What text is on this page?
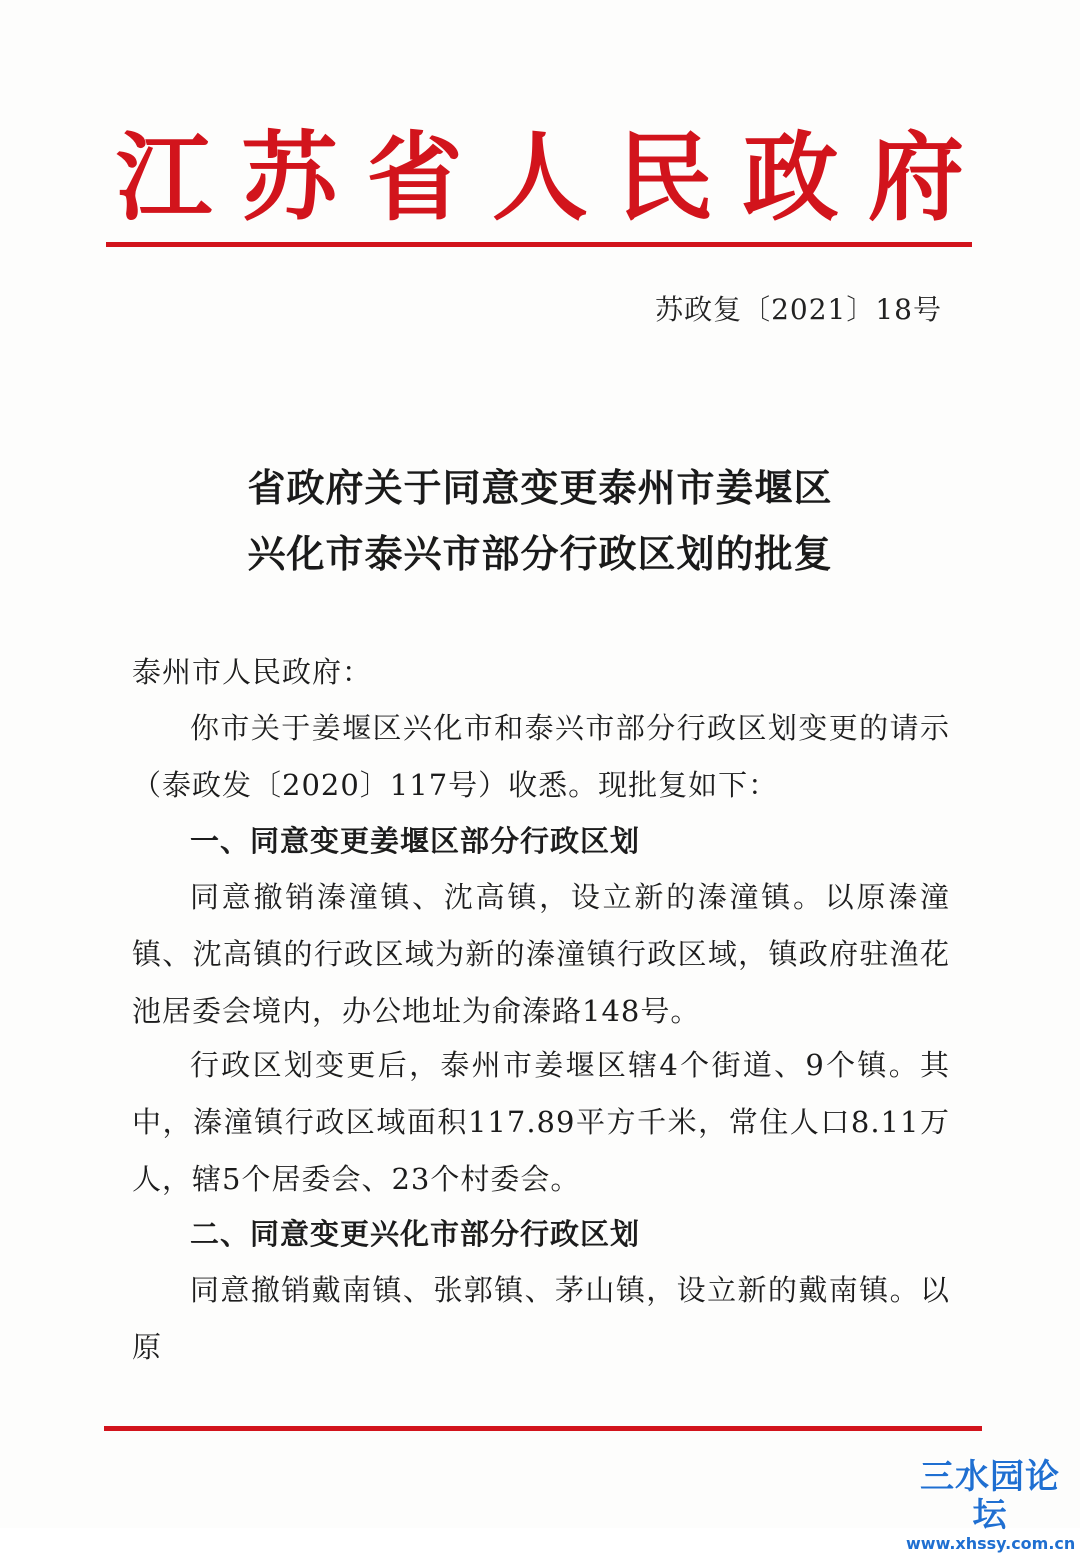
江 苏 省 人 民 政 府
苏政复〔2021〕18号
省政府关于同意变更泰州市姜堰区
兴化市泰兴市部分行政区划的批复
泰州市人民政府：
你市关于姜堰区兴化市和泰兴市部分行政区划变更的请示（泰政发〔2020〕117号）收悉。现批复如下：
一、同意变更姜堰区部分行政区划
同意撤销溱潼镇、沈高镇，设立新的溱潼镇。以原溱潼镇、沈高镇的行政区域为新的溱潼镇行政区域，镇政府驻渔花池居委会境内，办公地址为俞溱路148号。
行政区划变更后，泰州市姜堰区辖4个街道、9个镇。其中，溱潼镇行政区域面积117.89平方千米，常住人口8.11万人，辖5个居委会、23个村委会。
二、同意变更兴化市部分行政区划
同意撤销戴南镇、张郭镇、茅山镇，设立新的戴南镇。以原
三水园论坛
www.xhssy.com.cn
